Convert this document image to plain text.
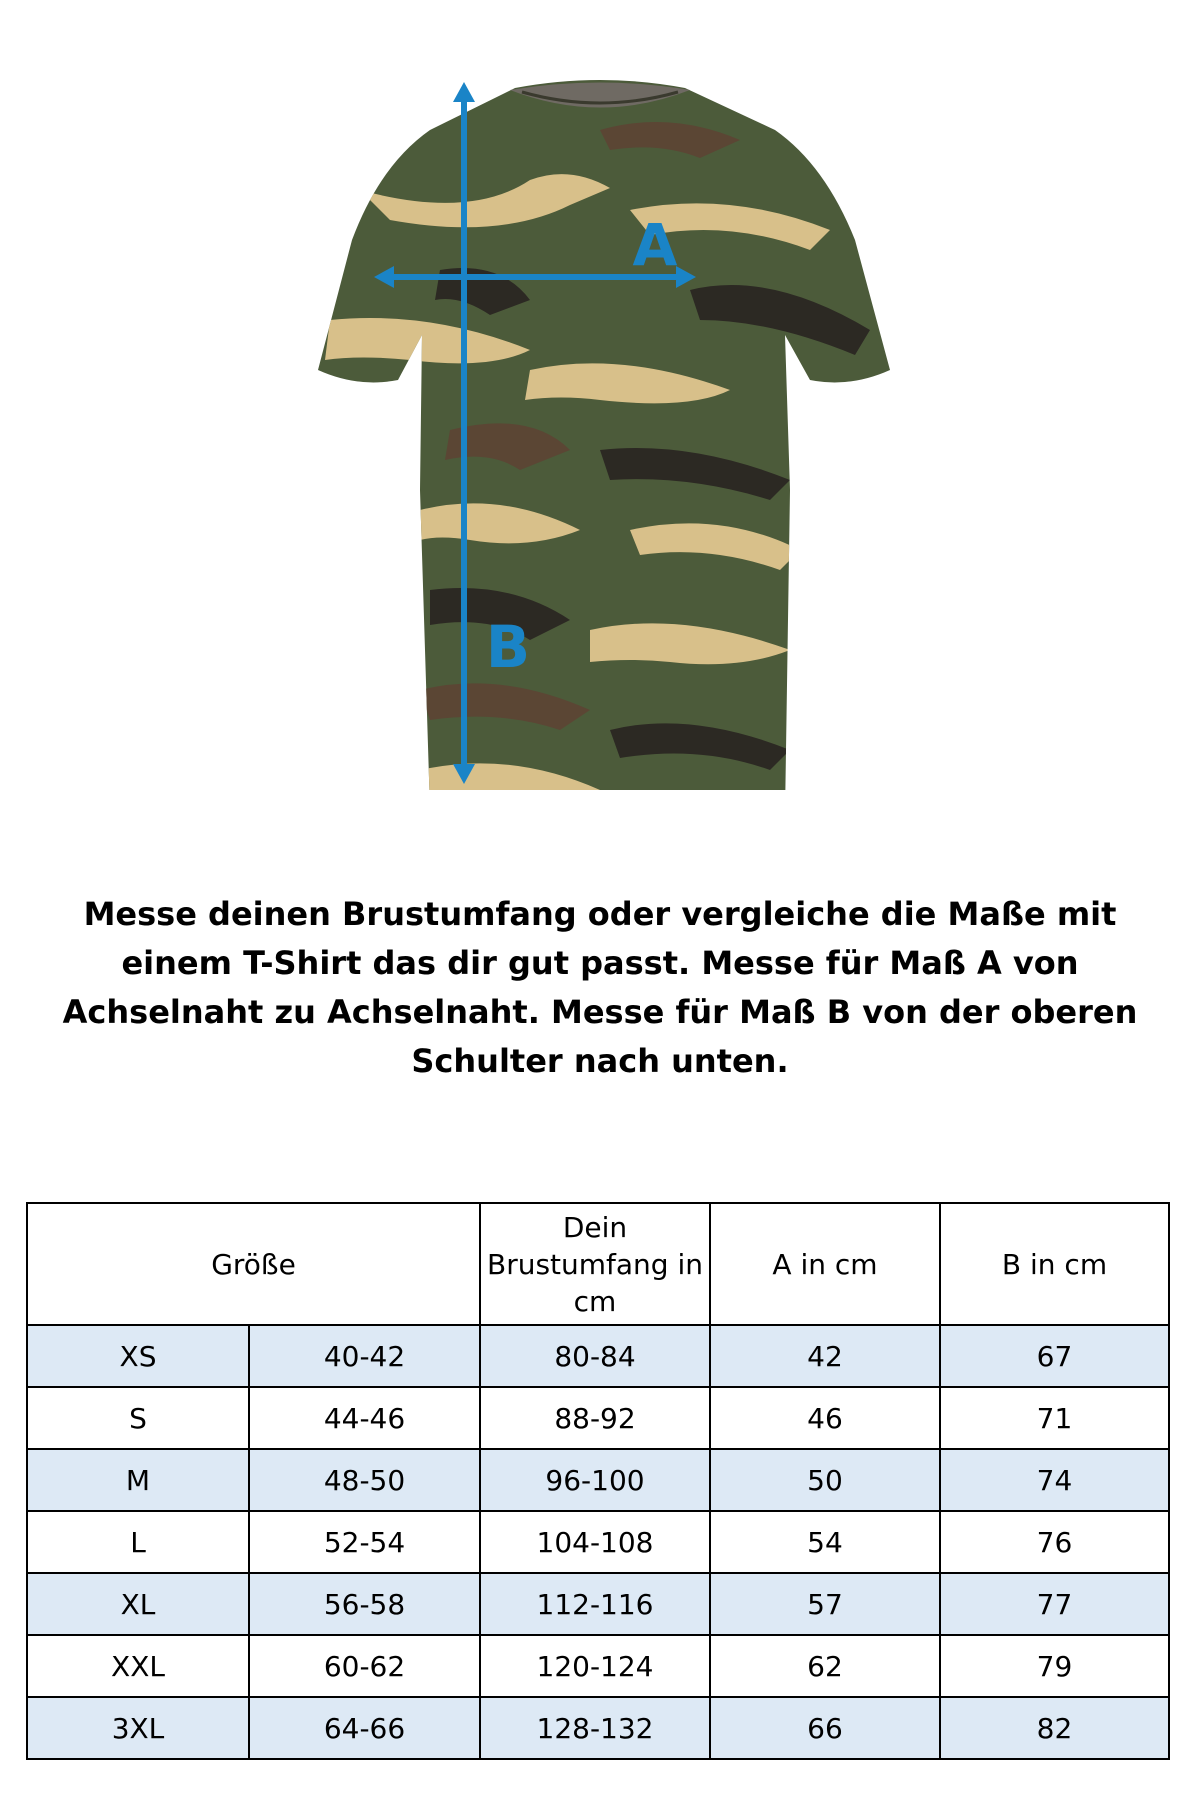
A
B

Messe deinen Brustumfang oder vergleiche die Maße mit einem T-Shirt das dir gut passt. Messe für Maß A von Achselnaht zu Achselnaht. Messe für Maß B von der oberen Schulter nach unten.

Größe		Dein Brustumfang in cm	A in cm	B in cm
XS	40-42	80-84	42	67
S	44-46	88-92	46	71
M	48-50	96-100	50	74
L	52-54	104-108	54	76
XL	56-58	112-116	57	77
XXL	60-62	120-124	62	79
3XL	64-66	128-132	66	82
